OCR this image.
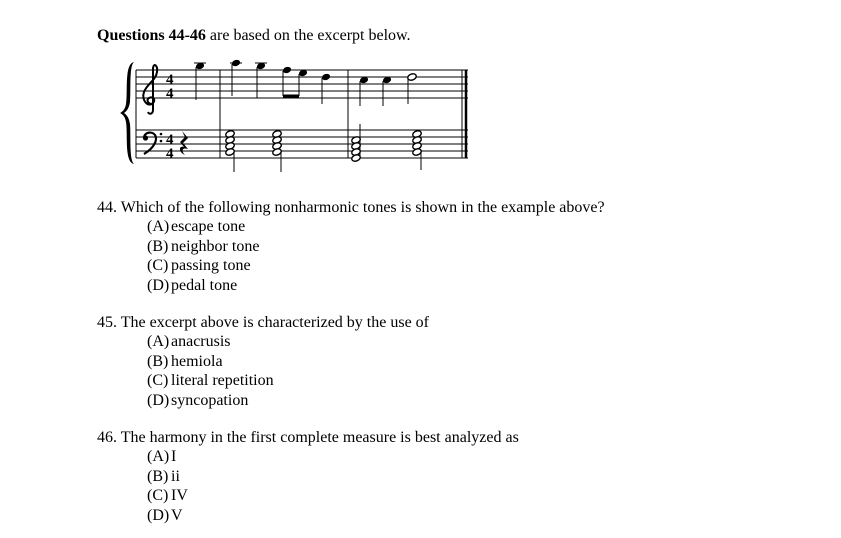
Questions 44-46 are based on the excerpt below.
4
4
4
4
44. Which of the following nonharmonic tones is shown in the example above?
(A) escape tone
(B) neighbor tone
(C) passing tone
(D) pedal tone
45. The excerpt above is characterized by the use of
(A) anacrusis
(B) hemiola
(C) literal repetition
(D) syncopation
46. The harmony in the first complete measure is best analyzed as
(A) I
(B) ii
(C) IV
(D) V
